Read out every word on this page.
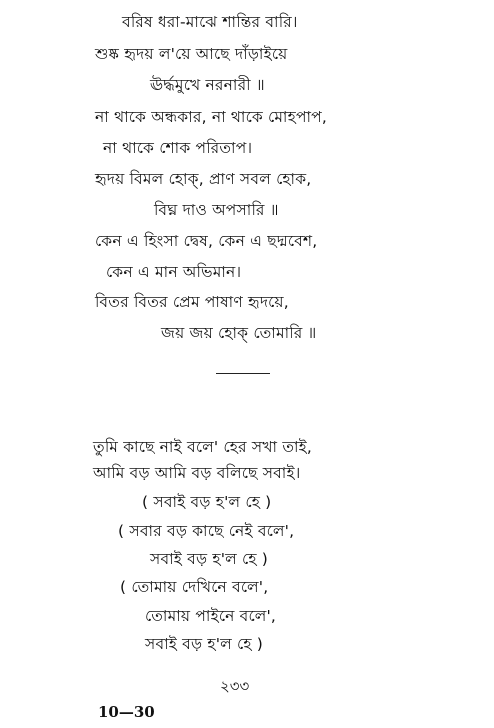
বরিষ ধরা-মাঝে শান্তির বারি।
শুষ্ক হৃদয় ল'য়ে আছে দাঁড়াইয়ে
ঊর্দ্ধমুখে নরনারী ॥
না থাকে অন্ধকার, না থাকে মোহপাপ,
না থাকে শোক পরিতাপ।
হৃদয় বিমল হোক্, প্রাণ সবল হোক,
বিঘ্ন দাও অপসারি ॥
কেন এ হিংসা দ্বেষ, কেন এ ছদ্মবেশ,
কেন এ মান অভিমান।
বিতর বিতর প্রেম পাষাণ হৃদয়ে,
জয় জয় হোক্ তোমারি ॥
তুমি কাছে নাই বলে' হের সখা তাই,
আমি বড় আমি বড় বলিছে সবাই।
( সবাই বড় হ'ল হে )
( সবার বড় কাছে নেই বলে',
সবাই বড় হ'ল হে )
( তোমায় দেখিনে বলে',
তোমায় পাইনে বলে',
সবাই বড় হ'ল হে )
২৩৩
10—30
